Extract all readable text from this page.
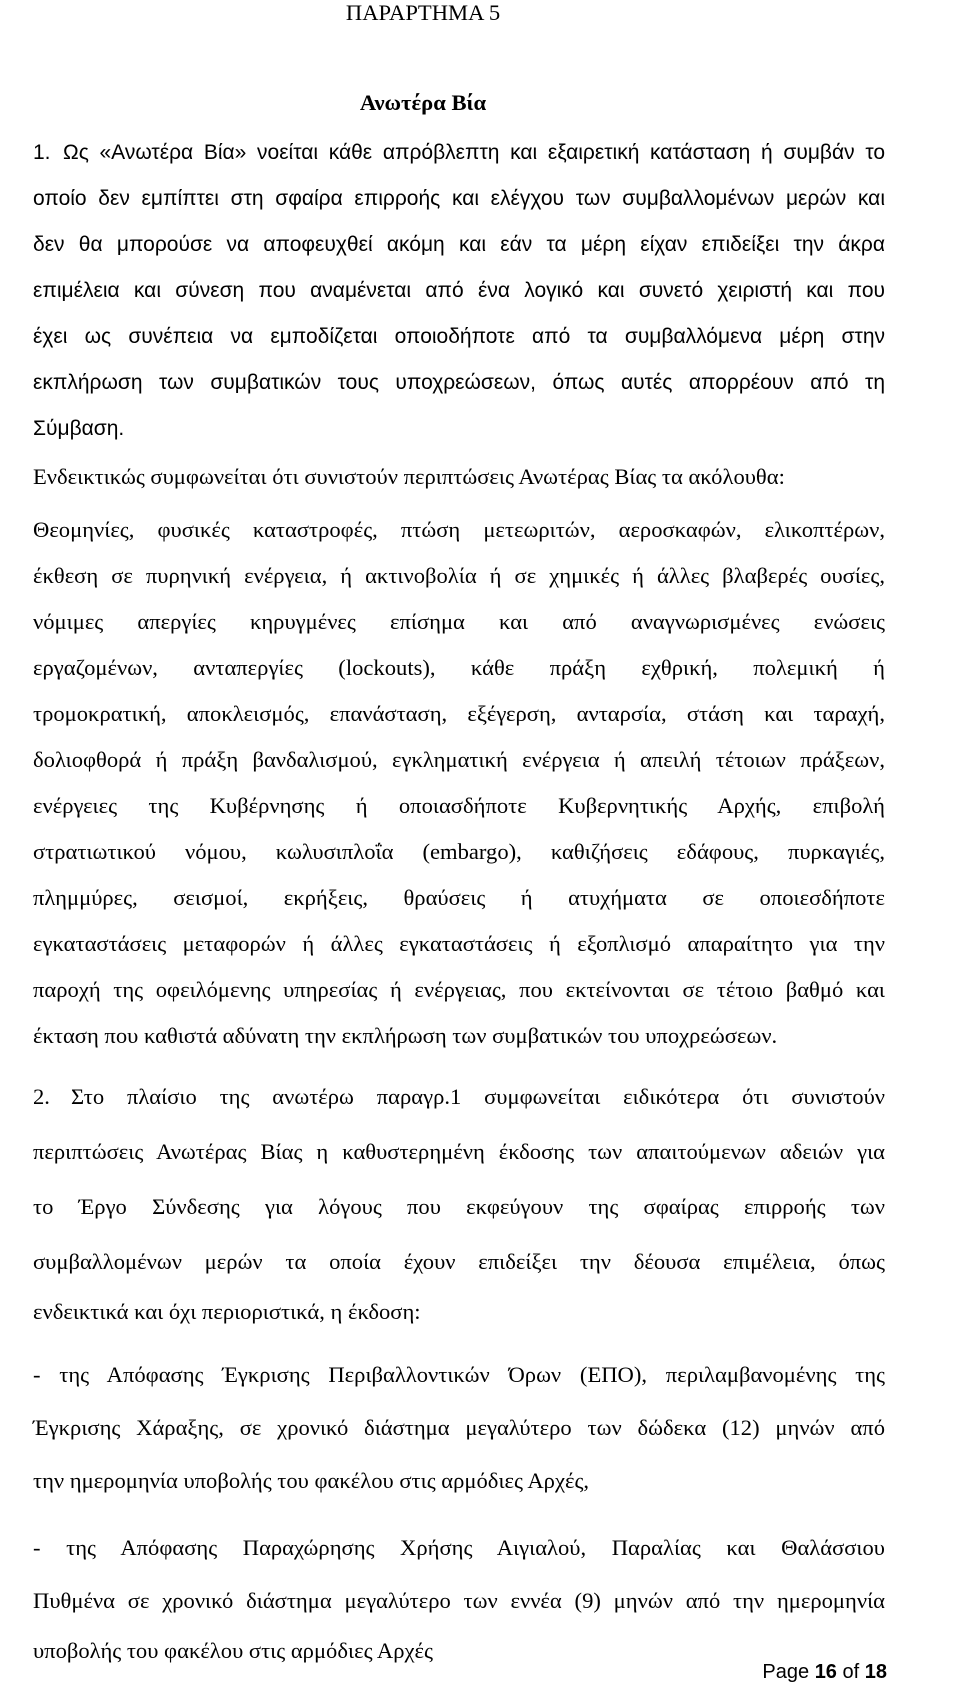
ΠΑΡΑΡΤΗΜΑ 5
Ανωτέρα Βία
1. Ως «Ανωτέρα Βία» νοείται κάθε απρόβλεπτη και εξαιρετική κατάσταση ή συμβάν το
οποίο δεν εμπίπτει στη σφαίρα επιρροής και ελέγχου των συμβαλλομένων μερών και
δεν θα μπορούσε να αποφευχθεί ακόμη και εάν τα μέρη είχαν επιδείξει την άκρα
επιμέλεια και σύνεση που αναμένεται από ένα λογικό και συνετό χειριστή και που
έχει ως συνέπεια να εμποδίζεται οποιοδήποτε από τα συμβαλλόμενα μέρη στην
εκπλήρωση των συμβατικών τους υποχρεώσεων, όπως αυτές απορρέουν από τη
Σύμβαση.
Ενδεικτικώς συμφωνείται ότι συνιστούν περιπτώσεις Ανωτέρας Βίας τα ακόλουθα:
Θεομηνίες, φυσικές καταστροφές, πτώση μετεωριτών, αεροσκαφών, ελικοπτέρων,
έκθεση σε πυρηνική ενέργεια, ή ακτινοβολία ή σε χημικές ή άλλες βλαβερές ουσίες,
νόμιμες απεργίες κηρυγμένες επίσημα και από αναγνωρισμένες ενώσεις
εργαζομένων, ανταπεργίες (lockouts), κάθε πράξη εχθρική, πολεμική ή
τρομοκρατική, αποκλεισμός, επανάσταση, εξέγερση, ανταρσία, στάση και ταραχή,
δολιοφθορά ή πράξη βανδαλισμού, εγκληματική ενέργεια ή απειλή τέτοιων πράξεων,
ενέργειες της Κυβέρνησης ή οποιασδήποτε Κυβερνητικής Αρχής, επιβολή
στρατιωτικού νόμου, κωλυσιπλοΐα (embargo), καθιζήσεις εδάφους, πυρκαγιές,
πλημμύρες, σεισμοί, εκρήξεις, θραύσεις ή ατυχήματα σε οποιεσδήποτε
εγκαταστάσεις μεταφορών ή άλλες εγκαταστάσεις ή εξοπλισμό απαραίτητο για την
παροχή της οφειλόμενης υπηρεσίας ή ενέργειας, που εκτείνονται σε τέτοιο βαθμό και
έκταση που καθιστά αδύνατη την εκπλήρωση των συμβατικών του υποχρεώσεων.
2. Στο πλαίσιο της ανωτέρω παραγρ.1 συμφωνείται ειδικότερα ότι συνιστούν
περιπτώσεις Ανωτέρας Βίας η καθυστερημένη έκδοσης των απαιτούμενων αδειών για
το Έργο Σύνδεσης για λόγους που εκφεύγουν της σφαίρας επιρροής των
συμβαλλομένων μερών τα οποία έχουν επιδείξει την δέουσα επιμέλεια, όπως
ενδεικτικά και όχι περιοριστικά, η έκδοση:
- της Απόφασης Έγκρισης Περιβαλλοντικών Όρων (ΕΠΟ), περιλαμβανομένης της
Έγκρισης Χάραξης, σε χρονικό διάστημα μεγαλύτερο των δώδεκα (12) μηνών από
την ημερομηνία υποβολής του φακέλου στις αρμόδιες Αρχές,
- της Απόφασης Παραχώρησης Χρήσης Αιγιαλού, Παραλίας και Θαλάσσιου
Πυθμένα σε χρονικό διάστημα μεγαλύτερο των εννέα (9) μηνών από την ημερομηνία
υποβολής του φακέλου στις αρμόδιες Αρχές
Page 16 of 18
